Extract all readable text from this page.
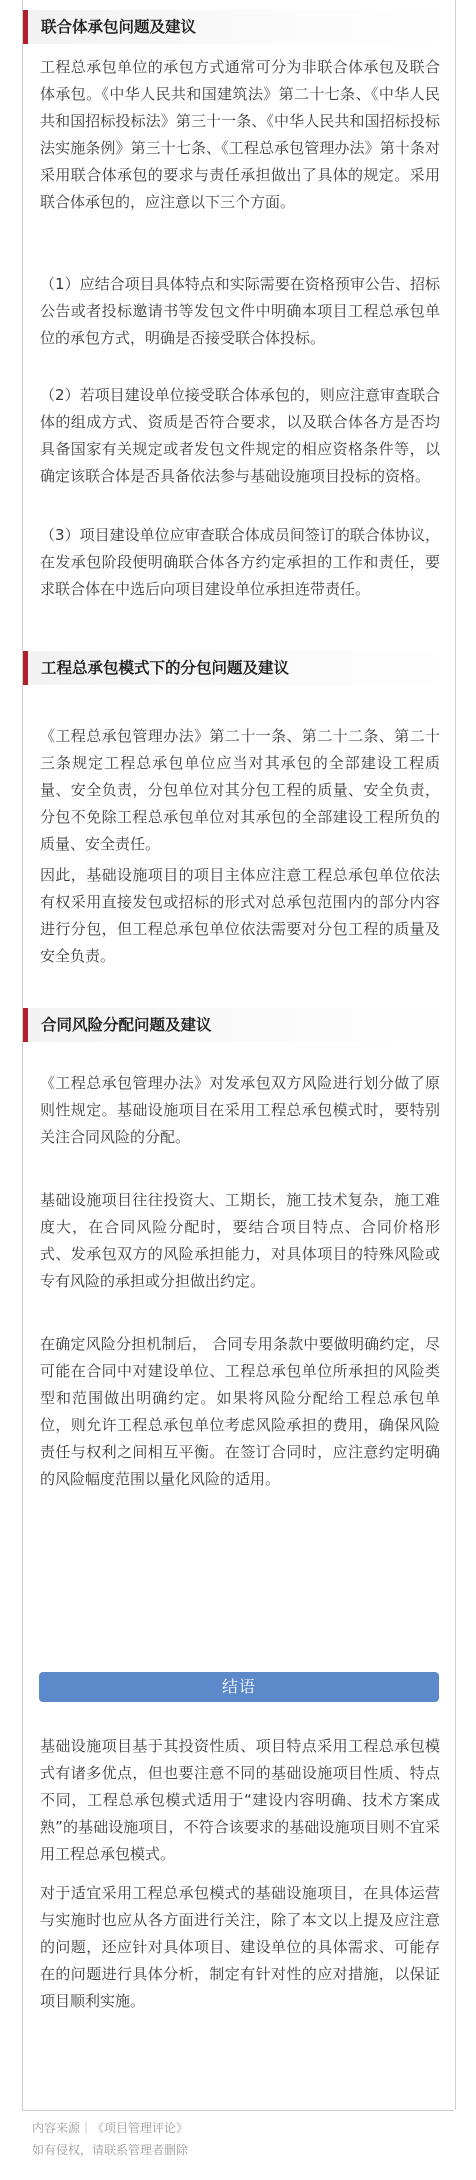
联合体承包问题及建议

工程总承包单位的承包方式通常可分为非联合体承包及联合体承包。《中华人民共和国建筑法》第二十七条、《中华人民共和国招标投标法》第三十一条、《中华人民共和国招标投标法实施条例》第三十七条、《工程总承包管理办法》第十条对采用联合体承包的要求与责任承担做出了具体的规定。采用联合体承包的，应注意以下三个方面。

（1）应结合项目具体特点和实际需要在资格预审公告、招标公告或者投标邀请书等发包文件中明确本项目工程总承包单位的承包方式，明确是否接受联合体投标。

（2）若项目建设单位接受联合体承包的，则应注意审查联合体的组成方式、资质是否符合要求，以及联合体各方是否均具备国家有关规定或者发包文件规定的相应资格条件等，以确定该联合体是否具备依法参与基础设施项目投标的资格。

（3）项目建设单位应审查联合体成员间签订的联合体协议，在发承包阶段便明确联合体各方约定承担的工作和责任，要求联合体在中选后向项目建设单位承担连带责任。

工程总承包模式下的分包问题及建议

《工程总承包管理办法》第二十一条、第二十二条、第二十三条规定工程总承包单位应当对其承包的全部建设工程质量、安全负责，分包单位对其分包工程的质量、安全负责，分包不免除工程总承包单位对其承包的全部建设工程所负的质量、安全责任。

因此，基础设施项目的项目主体应注意工程总承包单位依法有权采用直接发包或招标的形式对总承包范围内的部分内容进行分包，但工程总承包单位依法需要对分包工程的质量及安全负责。

合同风险分配问题及建议

《工程总承包管理办法》对发承包双方风险进行划分做了原则性规定。基础设施项目在采用工程总承包模式时，要特别关注合同风险的分配。

基础设施项目往往投资大、工期长，施工技术复杂，施工难度大，在合同风险分配时，要结合项目特点、合同价格形式、发承包双方的风险承担能力，对具体项目的特殊风险或专有风险的承担或分担做出约定。

在确定风险分担机制后， 合同专用条款中要做明确约定，尽可能在合同中对建设单位、工程总承包单位所承担的风险类型和范围做出明确约定。如果将风险分配给工程总承包单位，则允许工程总承包单位考虑风险承担的费用，确保风险责任与权利之间相互平衡。在签订合同时，应注意约定明确的风险幅度范围以量化风险的适用。

结语

基础设施项目基于其投资性质、项目特点采用工程总承包模式有诸多优点，但也要注意不同的基础设施项目性质、特点不同，工程总承包模式适用于“建设内容明确、技术方案成熟”的基础设施项目，不符合该要求的基础设施项目则不宜采用工程总承包模式。

对于适宜采用工程总承包模式的基础设施项目，在具体运营与实施时也应从各方面进行关注，除了本文以上提及应注意的问题，还应针对具体项目、建设单位的具体需求、可能存在的问题进行具体分析，制定有针对性的应对措施，以保证项目顺利实施。

内容来源｜《项目管理评论》
如有侵权，请联系管理者删除
